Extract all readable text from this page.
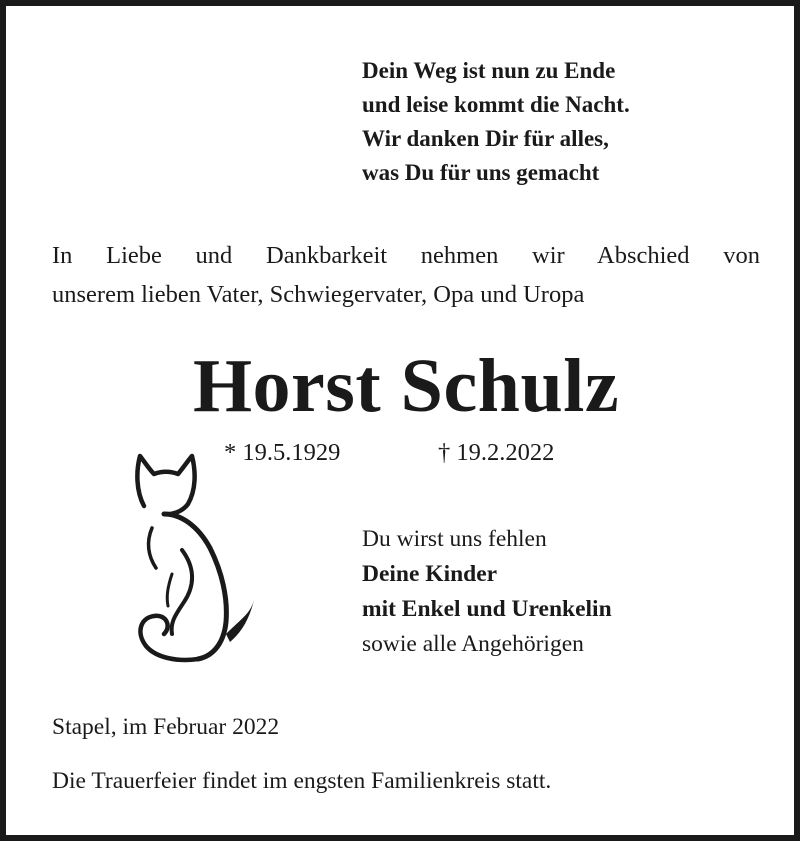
Dein Weg ist nun zu Ende
und leise kommt die Nacht.
Wir danken Dir für alles,
was Du für uns gemacht
In Liebe und Dankbarkeit nehmen wir Abschied von
unserem lieben Vater, Schwiegervater, Opa und Uropa
Horst Schulz
* 19.5.1929	† 19.2.2022
Du wirst uns fehlen
Deine Kinder
mit Enkel und Urenkelin
sowie alle Angehörigen
Stapel, im Februar 2022
Die Trauerfeier findet im engsten Familienkreis statt.
